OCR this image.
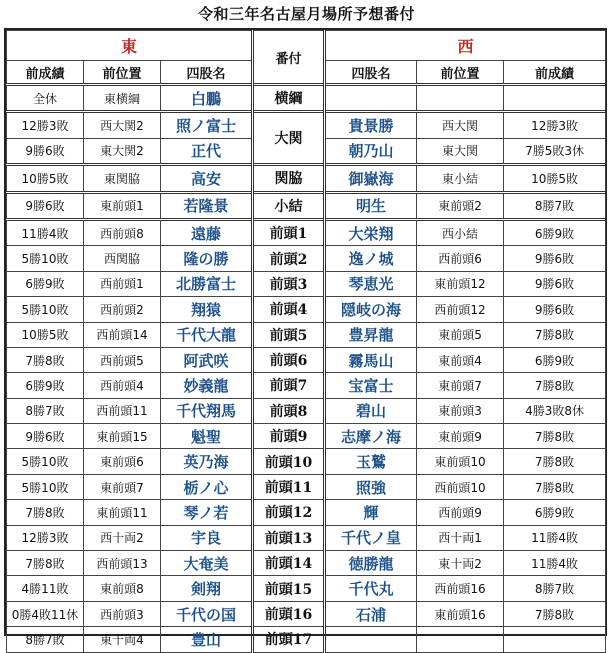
令和三年名古屋月場所予想番付
東			番付	西		
前成績	前位置	四股名		四股名	前位置	前成績
全休	東横綱	白鵬	横綱			
12勝3敗	西大関2	照ノ富士	大関	貴景勝	西大関	12勝3敗
9勝6敗	東大関2	正代		朝乃山	東大関	7勝5敗3休
10勝5敗	東関脇	高安	関脇	御嶽海	東小結	10勝5敗
9勝6敗	東前頭1	若隆景	小結	明生	東前頭2	8勝7敗
11勝4敗	西前頭8	遠藤	前頭1	大栄翔	西小結	6勝9敗
5勝10敗	西関脇	隆の勝	前頭2	逸ノ城	西前頭6	9勝6敗
6勝9敗	西前頭1	北勝富士	前頭3	琴恵光	東前頭12	9勝6敗
5勝10敗	西前頭2	翔猿	前頭4	隠岐の海	西前頭12	9勝6敗
10勝5敗	西前頭14	千代大龍	前頭5	豊昇龍	東前頭5	7勝8敗
7勝8敗	西前頭5	阿武咲	前頭6	霧馬山	東前頭4	6勝9敗
6勝9敗	西前頭4	妙義龍	前頭7	宝富士	東前頭7	7勝8敗
8勝7敗	西前頭11	千代翔馬	前頭8	碧山	東前頭3	4勝3敗8休
9勝6敗	東前頭15	魁聖	前頭9	志摩ノ海	東前頭9	7勝8敗
5勝10敗	東前頭6	英乃海	前頭10	玉鷲	東前頭10	7勝8敗
5勝10敗	東前頭7	栃ノ心	前頭11	照強	西前頭10	7勝8敗
7勝8敗	東前頭11	琴ノ若	前頭12	輝	西前頭9	6勝9敗
12勝3敗	西十両2	宇良	前頭13	千代ノ皇	西十両1	11勝4敗
7勝8敗	西前頭13	大奄美	前頭14	徳勝龍	東十両2	11勝4敗
4勝11敗	東前頭8	剣翔	前頭15	千代丸	西前頭16	8勝7敗
0勝4敗11休	西前頭3	千代の国	前頭16	石浦	東前頭16	7勝8敗
8勝7敗	東十両4	豊山	前頭17			
